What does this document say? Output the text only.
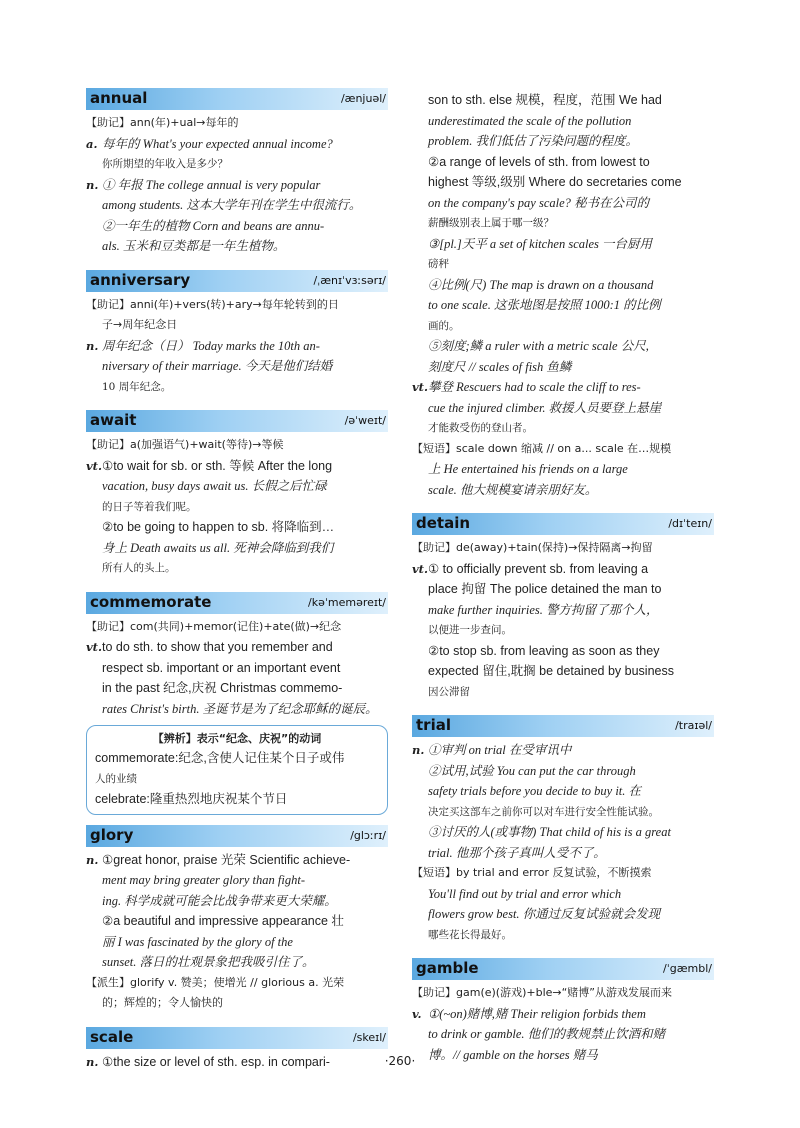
annual	/ænjuəl/
【助记】ann(年)+ual→每年的
a. 每年的 What's your expected annual income?
你所期望的年收入是多少？
n. ① 年报 The college annual is very popular
among students. 这本大学年刊在学生中很流行。
②一年生的植物 Corn and beans are annu-
als. 玉米和豆类都是一年生植物。
anniversary	/ˌænɪˈvɜːsərɪ/
【助记】anni(年)+vers(转)+ary→每年轮转到的日
子→周年纪念日
n. 周年纪念（日） Today marks the 10th an-
niversary of their marriage. 今天是他们结婚
10 周年纪念。
await	/əˈweɪt/
【助记】a(加强语气)+wait(等待)→等候
vt.①to wait for sb. or sth. 等候 After the long
vacation, busy days await us. 长假之后忙碌
的日子等着我们呢。
②to be going to happen to sb. 将降临到…
身上 Death awaits us all. 死神会降临到我们
所有人的头上。
commemorate	/kəˈmeməreɪt/
【助记】com(共同)+memor(记住)+ate(做)→纪念
vt.to do sth. to show that you remember and
respect sb. important or an important event
in the past 纪念,庆祝 Christmas commemo-
rates Christ's birth. 圣诞节是为了纪念耶稣的诞辰。
【辨析】表示“纪念、庆祝”的动词
commemorate:纪念,含使人记住某个日子或伟
人的业绩
celebrate:隆重热烈地庆祝某个节日
glory	/glɔːrɪ/
n. ①great honor, praise 光荣 Scientific achieve-
ment may bring greater glory than fight-
ing. 科学成就可能会比战争带来更大荣耀。
②a beautiful and impressive appearance 壮
丽 I was fascinated by the glory of the
sunset. 落日的壮观景象把我吸引住了。
【派生】glorify v. 赞美；使增光 // glorious a. 光荣
的；辉煌的；令人愉快的
scale	/skeɪl/
n. ①the size or level of sth. esp. in compari-
son to sth. else 规模，程度，范围 We had
underestimated the scale of the pollution
problem. 我们低估了污染问题的程度。
②a range of levels of sth. from lowest to
highest 等级,级别 Where do secretaries come
on the company's pay scale? 秘书在公司的
薪酬级别表上属于哪一级？
③[pl.]天平 a set of kitchen scales 一台厨用
磅秤
④比例(尺) The map is drawn on a thousand
to one scale. 这张地图是按照 1000:1 的比例
画的。
⑤刻度;鳞 a ruler with a metric scale 公尺,
刻度尺 // scales of fish 鱼鳞
vt.攀登 Rescuers had to scale the cliff to res-
cue the injured climber. 救援人员要登上悬崖
才能救受伤的登山者。
【短语】scale down 缩减 // on a... scale 在…规模
上 He entertained his friends on a large
scale. 他大规模宴请亲朋好友。
detain	/dɪˈteɪn/
【助记】de(away)+tain(保持)→保持隔离→拘留
vt.① to officially prevent sb. from leaving a
place 拘留 The police detained the man to
make further inquiries. 警方拘留了那个人，
以便进一步查问。
②to stop sb. from leaving as soon as they
expected 留住,耽搁 be detained by business
因公滞留
trial	/traɪəl/
n. ①审判 on trial 在受审讯中
②试用,试验 You can put the car through
safety trials before you decide to buy it. 在
决定买这部车之前你可以对车进行安全性能试验。
③讨厌的人(或事物) That child of his is a great
trial. 他那个孩子真叫人受不了。
【短语】by trial and error 反复试验，不断摸索
You'll find out by trial and error which
flowers grow best. 你通过反复试验就会发现
哪些花长得最好。
gamble	/ˈgæmbl/
【助记】gam(e)(游戏)+ble→“赌博”从游戏发展而来
v. ①(~on)赌博,赌 Their religion forbids them
to drink or gamble. 他们的教规禁止饮酒和赌
博。// gamble on the horses 赌马
·260·
